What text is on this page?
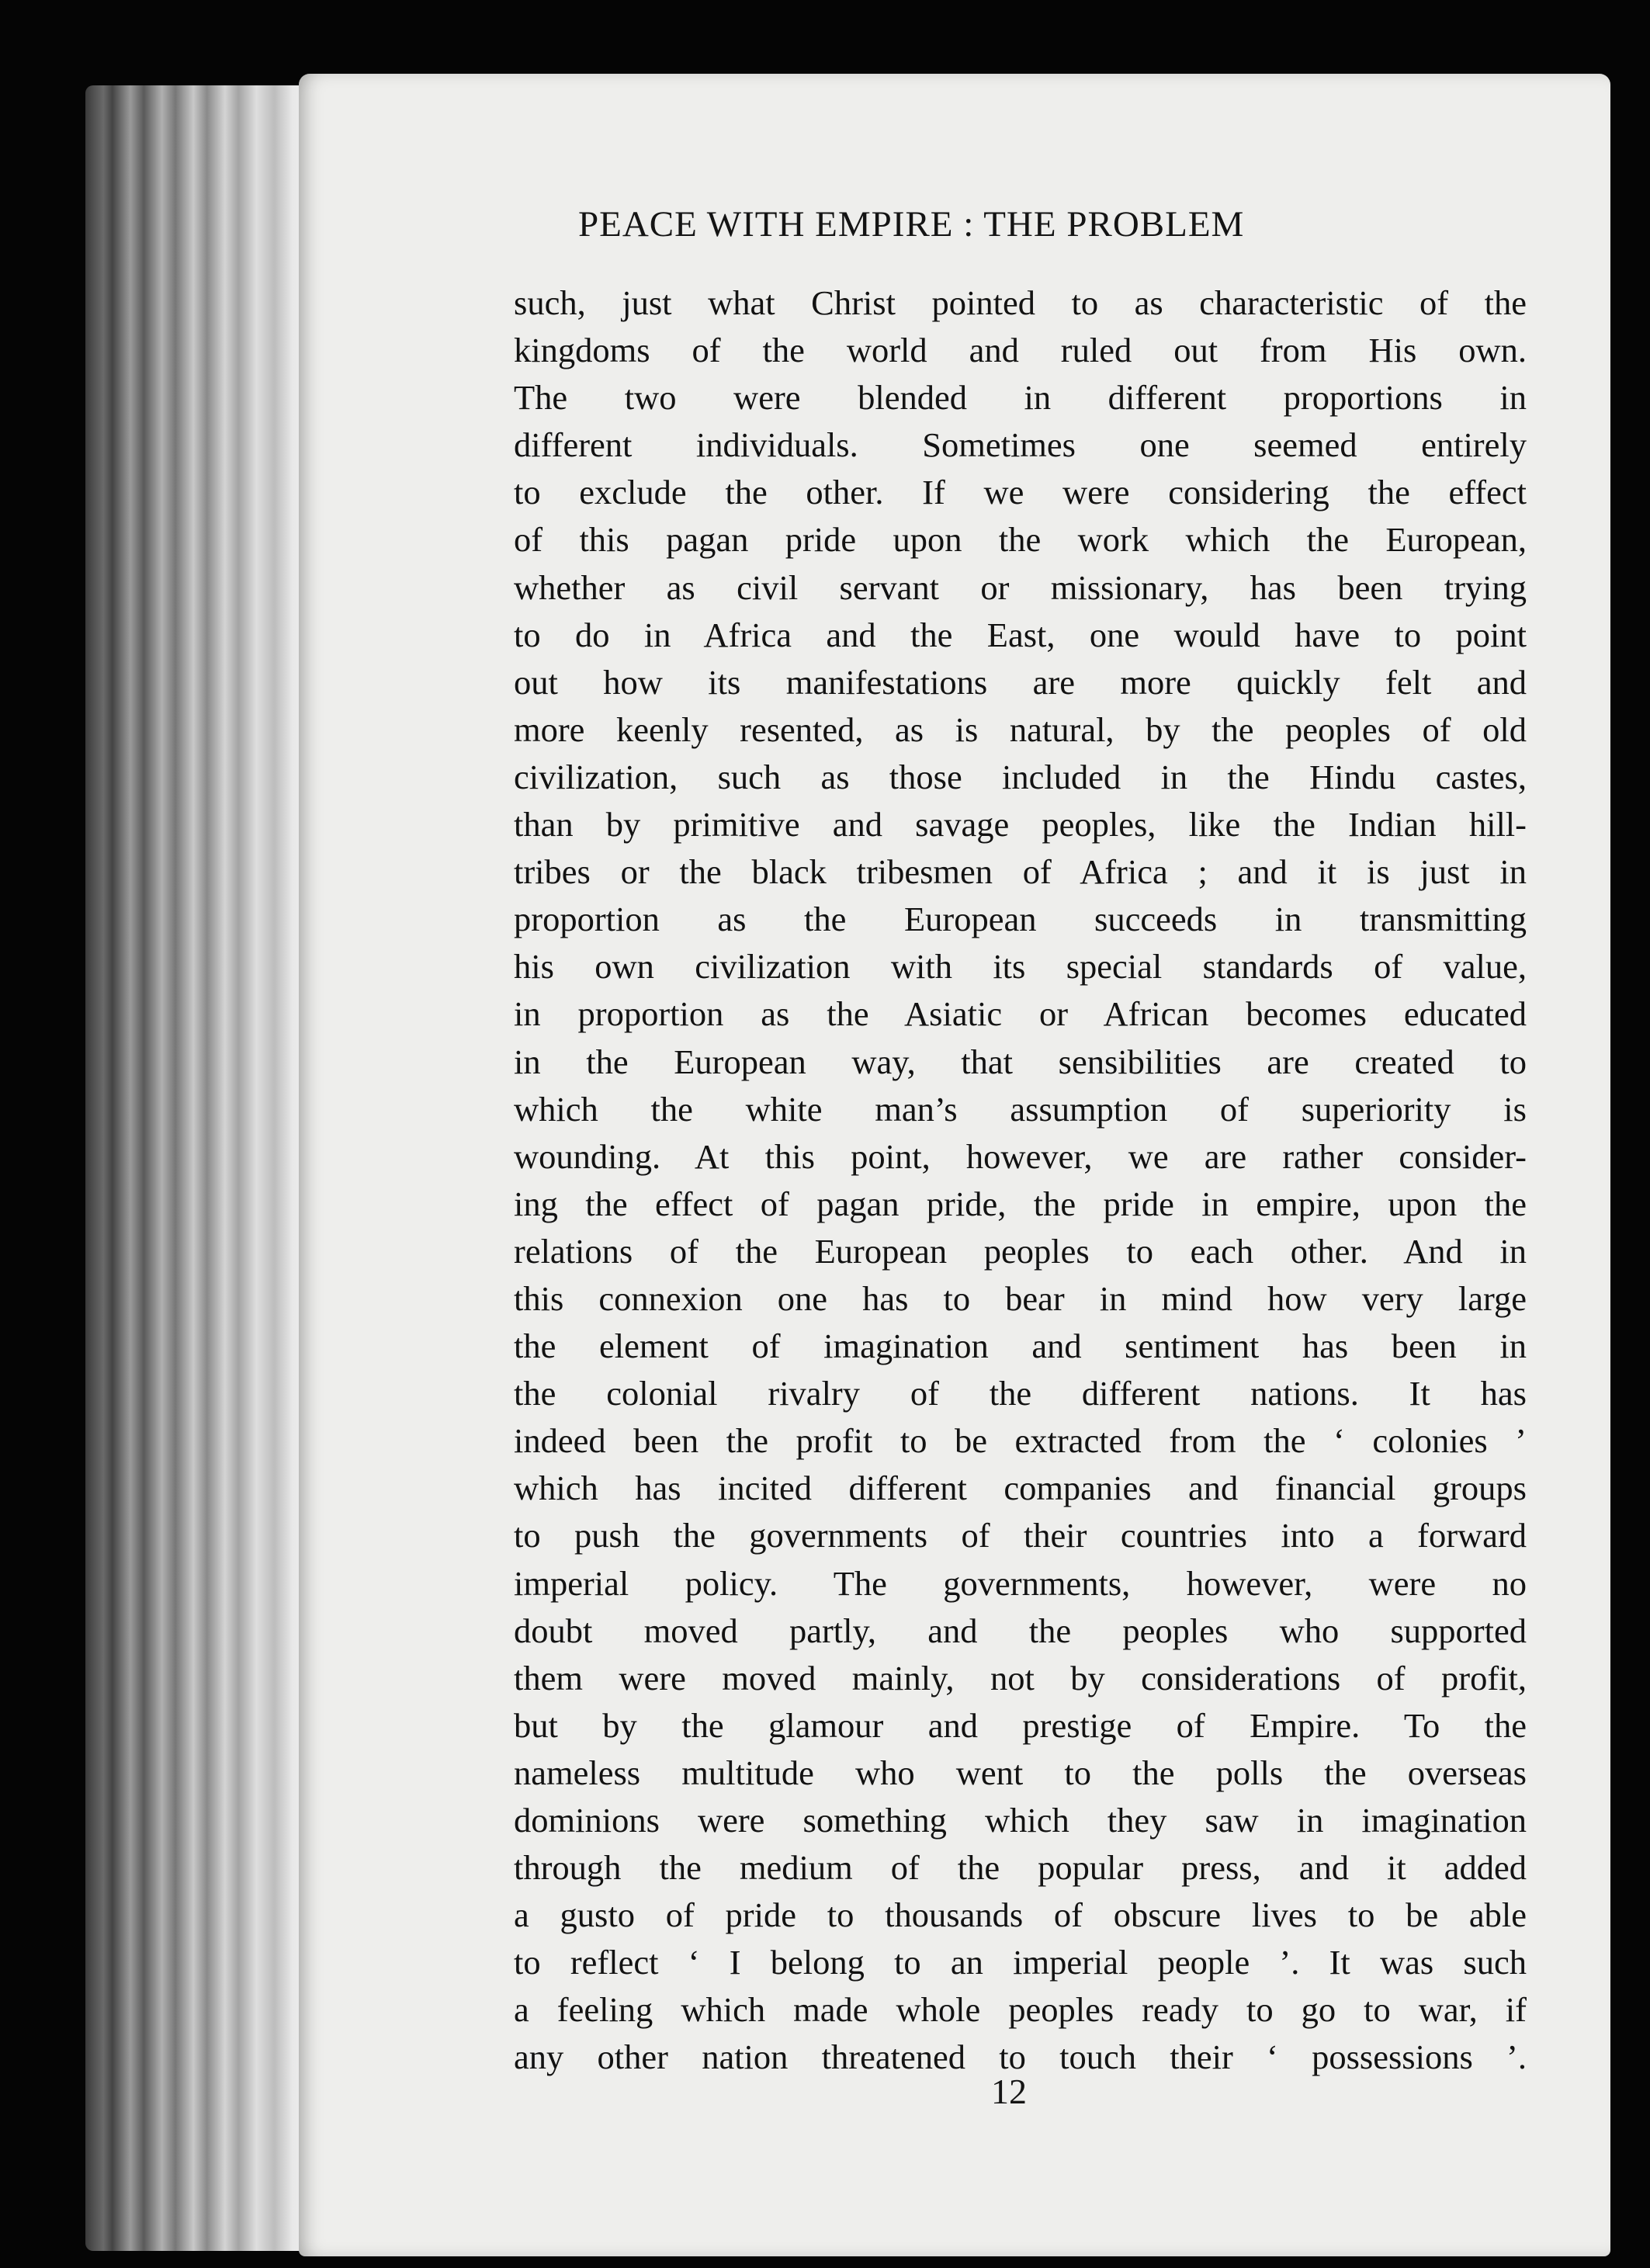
PEACE WITH EMPIRE : THE PROBLEM
such, just what Christ pointed to as characteristic of the
kingdoms of the world and ruled out from His own.
The two were blended in different proportions in
different individuals. Sometimes one seemed entirely
to exclude the other. If we were considering the effect
of this pagan pride upon the work which the European,
whether as civil servant or missionary, has been trying
to do in Africa and the East, one would have to point
out how its manifestations are more quickly felt and
more keenly resented, as is natural, by the peoples of old
civilization, such as those included in the Hindu castes,
than by primitive and savage peoples, like the Indian hill-
tribes or the black tribesmen of Africa ; and it is just in
proportion as the European succeeds in transmitting
his own civilization with its special standards of value,
in proportion as the Asiatic or African becomes educated
in the European way, that sensibilities are created to
which the white man’s assumption of superiority is
wounding. At this point, however, we are rather consider-
ing the effect of pagan pride, the pride in empire, upon the
relations of the European peoples to each other. And in
this connexion one has to bear in mind how very large
the element of imagination and sentiment has been in
the colonial rivalry of the different nations. It has
indeed been the profit to be extracted from the ‘ colonies ’
which has incited different companies and financial groups
to push the governments of their countries into a forward
imperial policy. The governments, however, were no
doubt moved partly, and the peoples who supported
them were moved mainly, not by considerations of profit,
but by the glamour and prestige of Empire. To the
nameless multitude who went to the polls the overseas
dominions were something which they saw in imagination
through the medium of the popular press, and it added
a gusto of pride to thousands of obscure lives to be able
to reflect ‘ I belong to an imperial people ’. It was such
a feeling which made whole peoples ready to go to war, if
any other nation threatened to touch their ‘ possessions ’.
12
